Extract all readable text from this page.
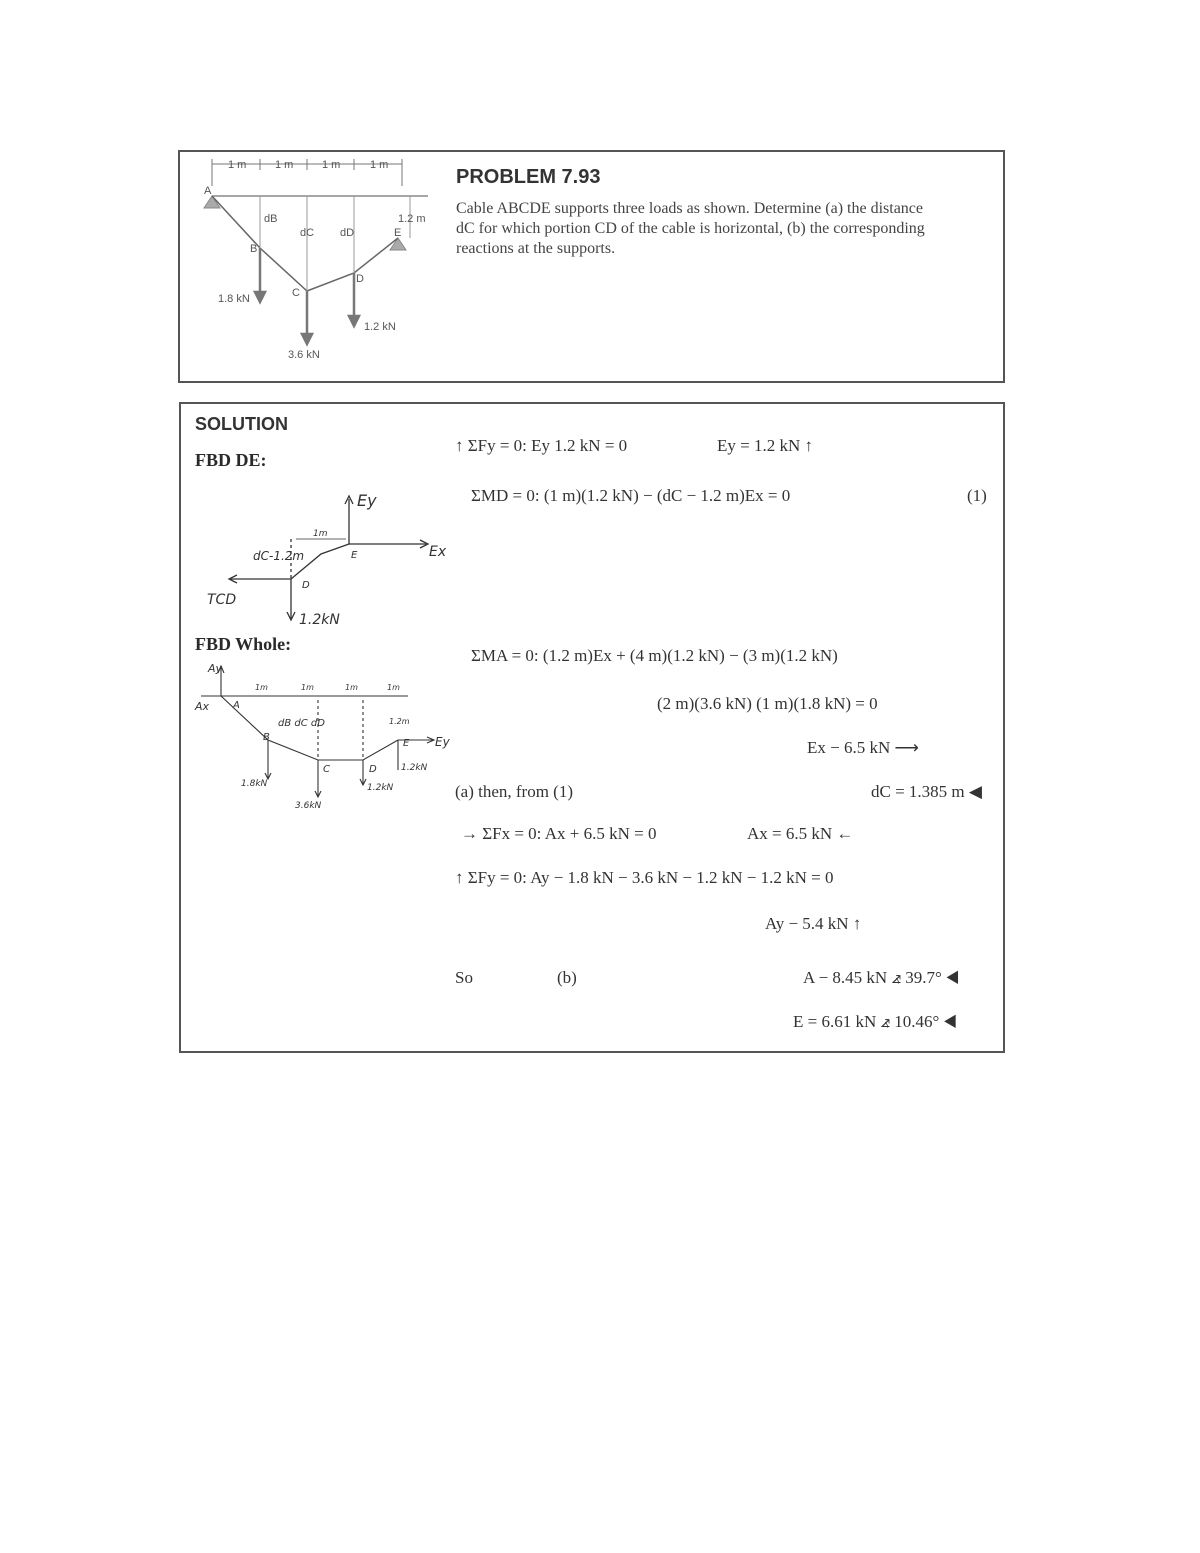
1 m	1 m	1 m	1 m
A
dB
dC dD
1.2 m
E
B
C
D
1.8 kN
3.6 kN
1.2 kN
PROBLEM 7.93
Cable ABCDE supports three loads as shown. Determine (a) the distance
dC for which portion CD of the cable is horizontal, (b) the corresponding
reactions at the supports.
SOLUTION
FBD DE:
Ey
Ex
1m
dC-1.2m	E
D
TCD
1.2kN
FBD Whole:
Ay
Ax A
1m	1m	1m	1m
dB dC dD	1.2m
B
C	D
E Ey
1.8kN
3.6kN
1.2kN
1.2kN
↑ ΣFy = 0: Ey 1.2 kN = 0	Ey = 1.2 kN ↑
ΣMD = 0: (1 m)(1.2 kN) − (dC − 1.2 m)Ex = 0	(1)
ΣMA = 0: (1.2 m)Ex + (4 m)(1.2 kN) − (3 m)(1.2 kN)
(2 m)(3.6 kN) (1 m)(1.8 kN) = 0
Ex − 6.5 kN ⟶
(a) then, from (1)	dC = 1.385 m ◀
→ ΣFx = 0: Ax + 6.5 kN = 0	Ax = 6.5 kN ←
↑ ΣFy = 0: Ay − 1.8 kN − 3.6 kN − 1.2 kN − 1.2 kN = 0
Ay − 5.4 kN ↑
So	(b)	A − 8.45 kN ⦨ 39.7° ◀
E = 6.61 kN ⦨ 10.46° ◀
